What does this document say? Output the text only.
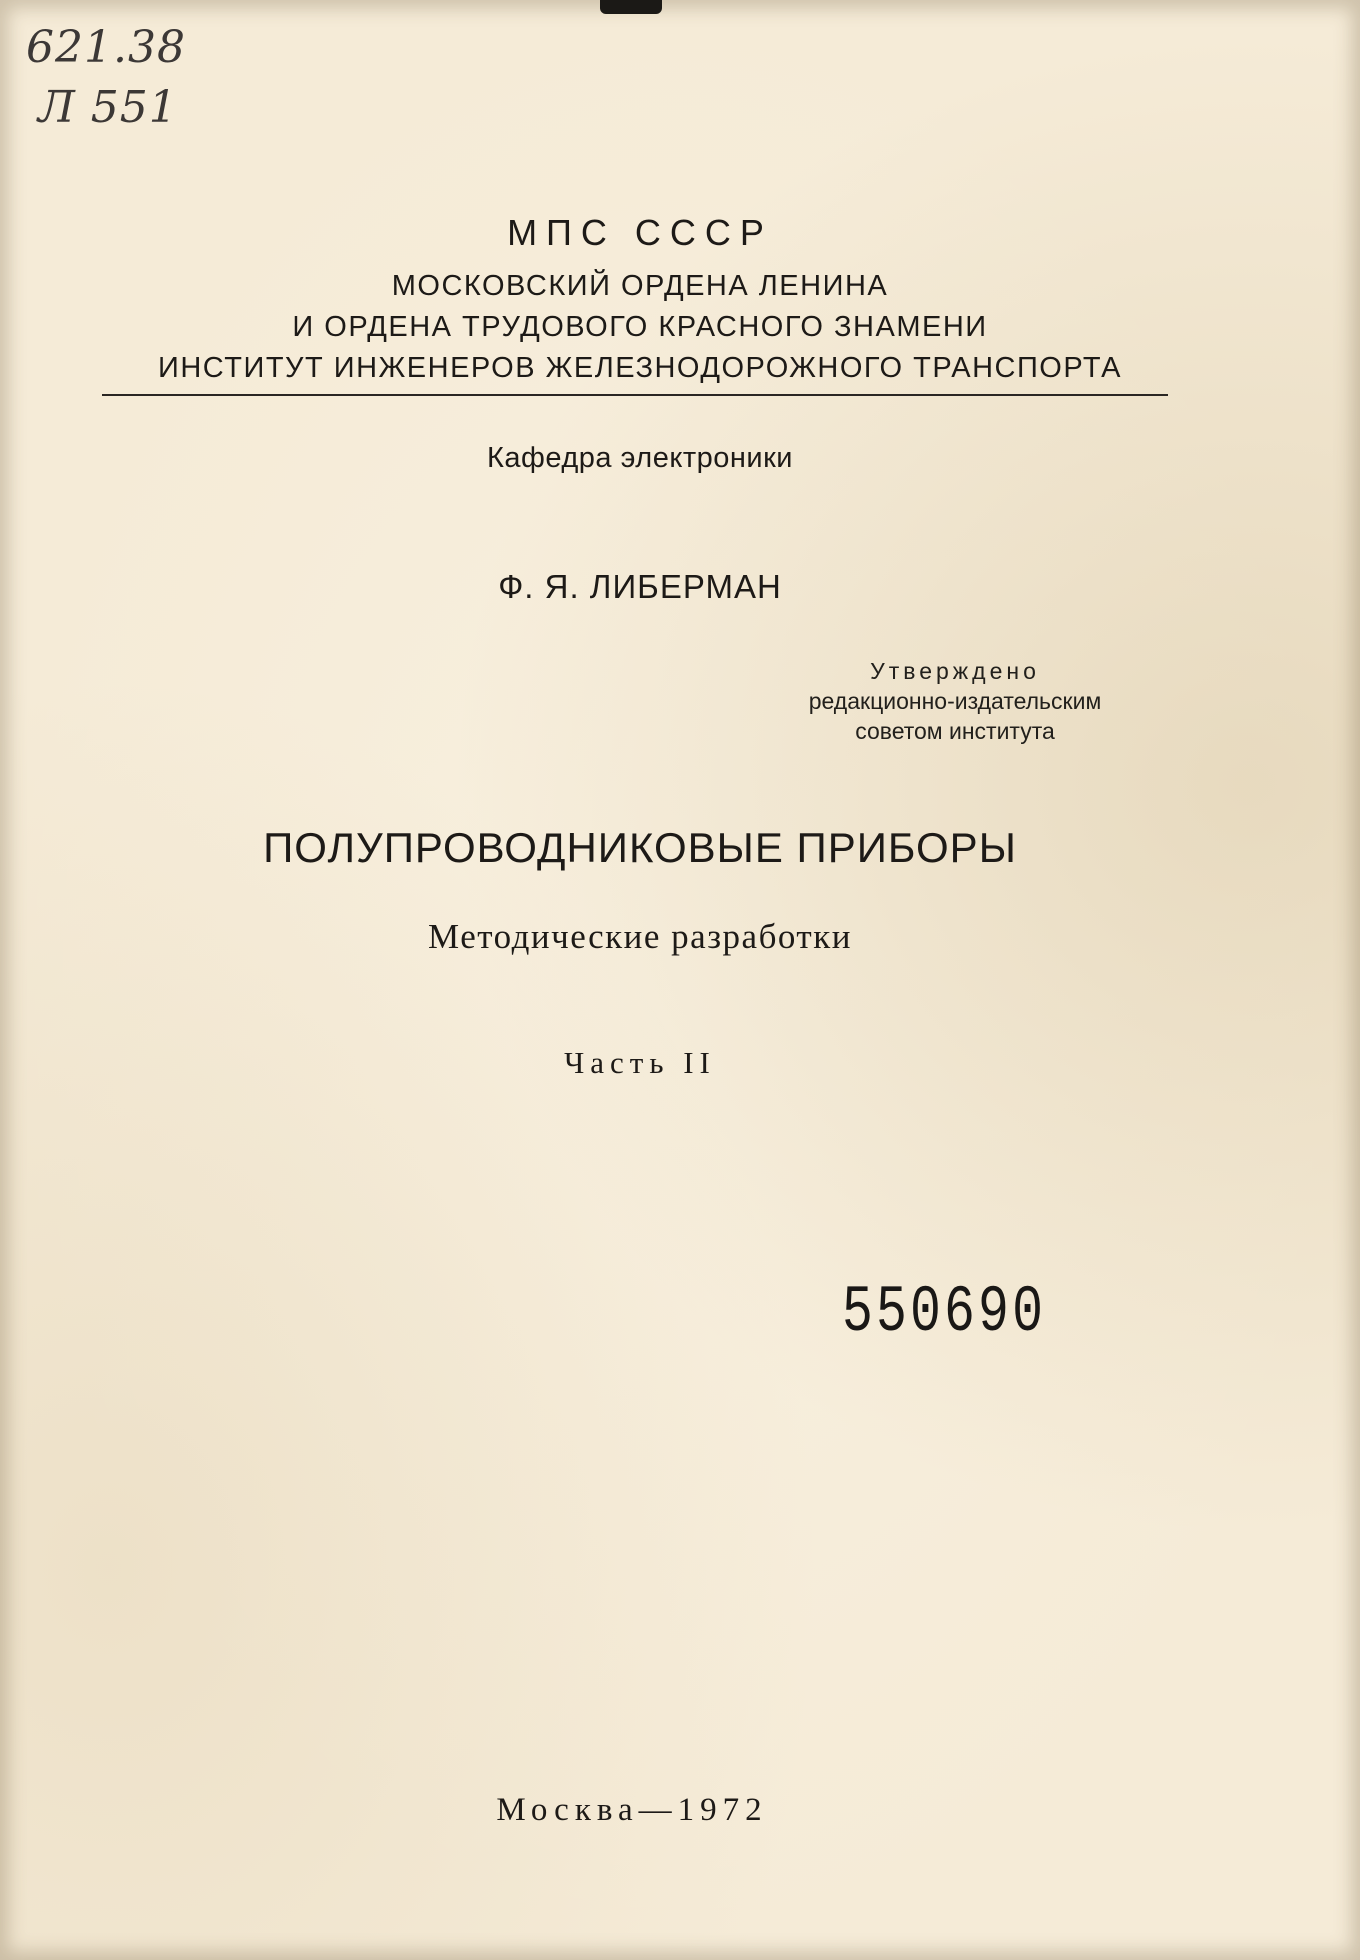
621.38
Л 551
МПС СССР
МОСКОВСКИЙ ОРДЕНА ЛЕНИНА
И ОРДЕНА ТРУДОВОГО КРАСНОГО ЗНАМЕНИ
ИНСТИТУТ ИНЖЕНЕРОВ ЖЕЛЕЗНОДОРОЖНОГО ТРАНСПОРТА
Кафедра электроники
Ф. Я. ЛИБЕРМАН
Утверждено
редакционно-издательским
советом института
ПОЛУПРОВОДНИКОВЫЕ ПРИБОРЫ
Методические разработки
Часть II
550690
Москва—1972
